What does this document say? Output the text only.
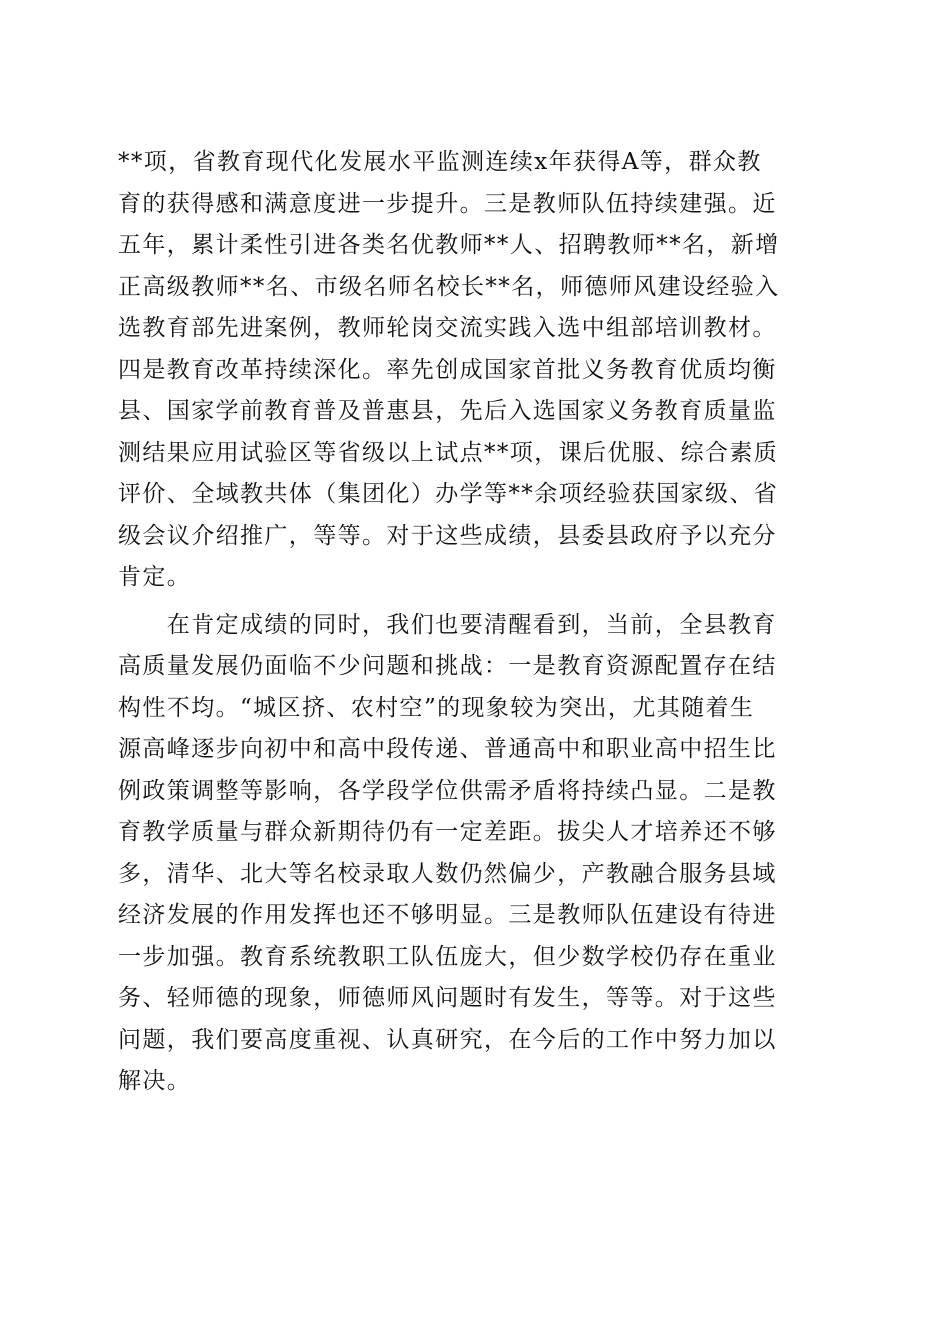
**项，省教育现代化发展水平监测连续x年获得A等，群众教
育的获得感和满意度进一步提升。三是教师队伍持续建强。近
五年，累计柔性引进各类名优教师**人、招聘教师**名，新增
正高级教师**名、市级名师名校长**名，师德师风建设经验入
选教育部先进案例，教师轮岗交流实践入选中组部培训教材。
四是教育改革持续深化。率先创成国家首批义务教育优质均衡
县、国家学前教育普及普惠县，先后入选国家义务教育质量监
测结果应用试验区等省级以上试点**项，课后优服、综合素质
评价、全域教共体（集团化）办学等**余项经验获国家级、省
级会议介绍推广，等等。对于这些成绩，县委县政府予以充分
肯定。
　　在肯定成绩的同时，我们也要清醒看到，当前，全县教育
高质量发展仍面临不少问题和挑战：一是教育资源配置存在结
构性不均。“城区挤、农村空”的现象较为突出，尤其随着生
源高峰逐步向初中和高中段传递、普通高中和职业高中招生比
例政策调整等影响，各学段学位供需矛盾将持续凸显。二是教
育教学质量与群众新期待仍有一定差距。拔尖人才培养还不够
多，清华、北大等名校录取人数仍然偏少，产教融合服务县域
经济发展的作用发挥也还不够明显。三是教师队伍建设有待进
一步加强。教育系统教职工队伍庞大，但少数学校仍存在重业
务、轻师德的现象，师德师风问题时有发生，等等。对于这些
问题，我们要高度重视、认真研究，在今后的工作中努力加以
解决。
